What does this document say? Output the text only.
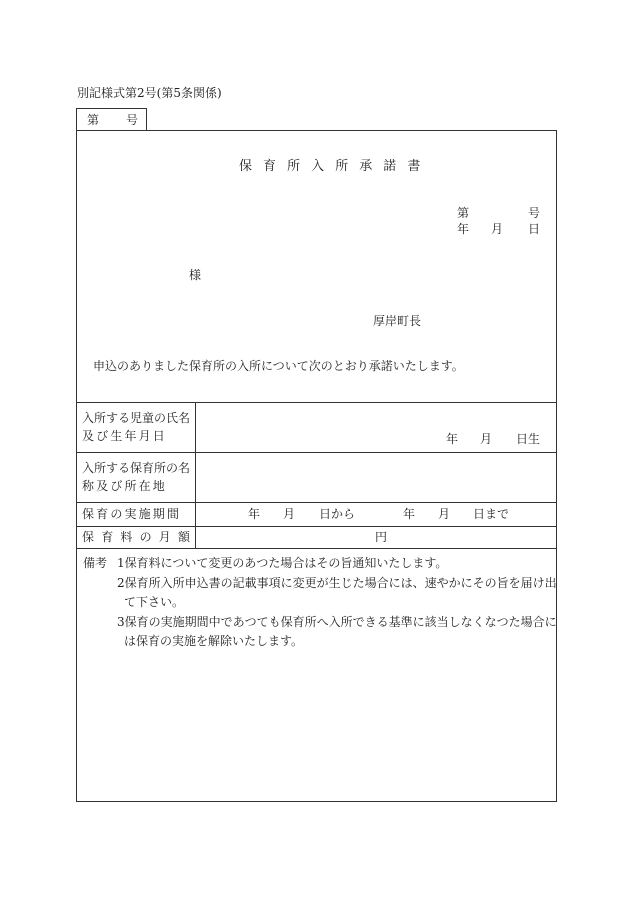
別記様式第2号(第5条関係)
第 号
保育所入所承諾書
第	号
年 月 日
様
厚岸町長
申込のありました保育所の入所について次のとおり承諾いたします。
入所する児童の氏名
及び生年月日	年 月 日生
入所する保育所の名
称及び所在地
保育の実施期間	年 月 日から	年 月 日まで
保育料の月額	円
備考 1保育料について変更のあつた場合はその旨通知いたします。
2保育所入所申込書の記載事項に変更が生じた場合には、速やかにその旨を届け出
て下さい。
3保育の実施期間中であつても保育所へ入所できる基準に該当しなくなつた場合に
は保育の実施を解除いたします。
